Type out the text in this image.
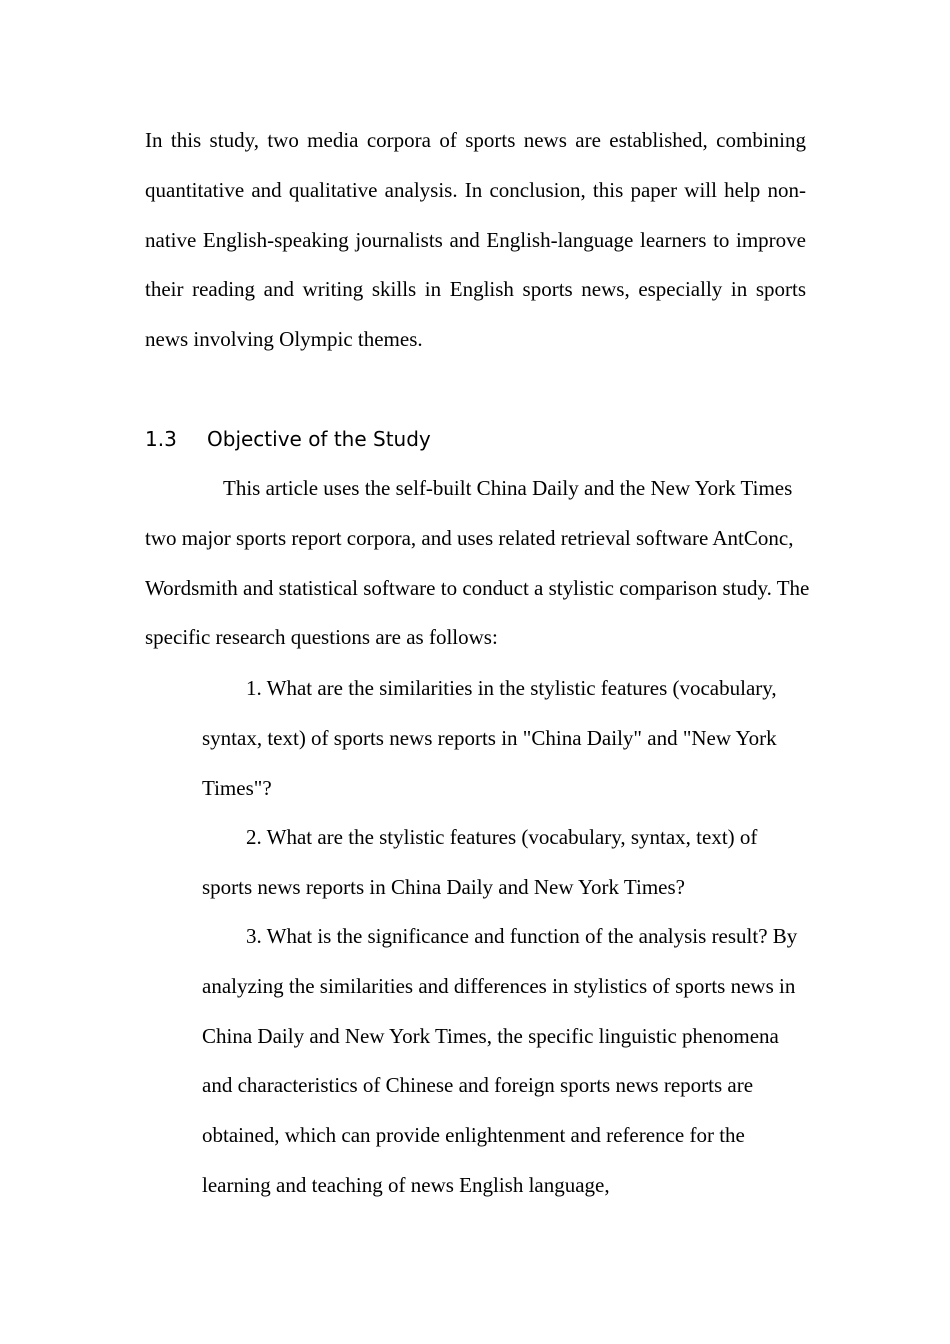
In this study, two media corpora of sports news are established, combining quantitative and qualitative analysis. In conclusion, this paper will help non-native English-speaking journalists and English-language learners to improve their reading and writing skills in English sports news, especially in sports news involving Olympic themes.

1.3 Objective of the Study

This article uses the self-built China Daily and the New York Times two major sports report corpora, and uses related retrieval software AntConc, Wordsmith and statistical software to conduct a stylistic comparison study. The specific research questions are as follows:

1. What are the similarities in the stylistic features (vocabulary, syntax, text) of sports news reports in "China Daily" and "New York Times"?

2. What are the stylistic features (vocabulary, syntax, text) of sports news reports in China Daily and New York Times?

3. What is the significance and function of the analysis result? By analyzing the similarities and differences in stylistics of sports news in China Daily and New York Times, the specific linguistic phenomena and characteristics of Chinese and foreign sports news reports are obtained, which can provide enlightenment and reference for the learning and teaching of news English language,
